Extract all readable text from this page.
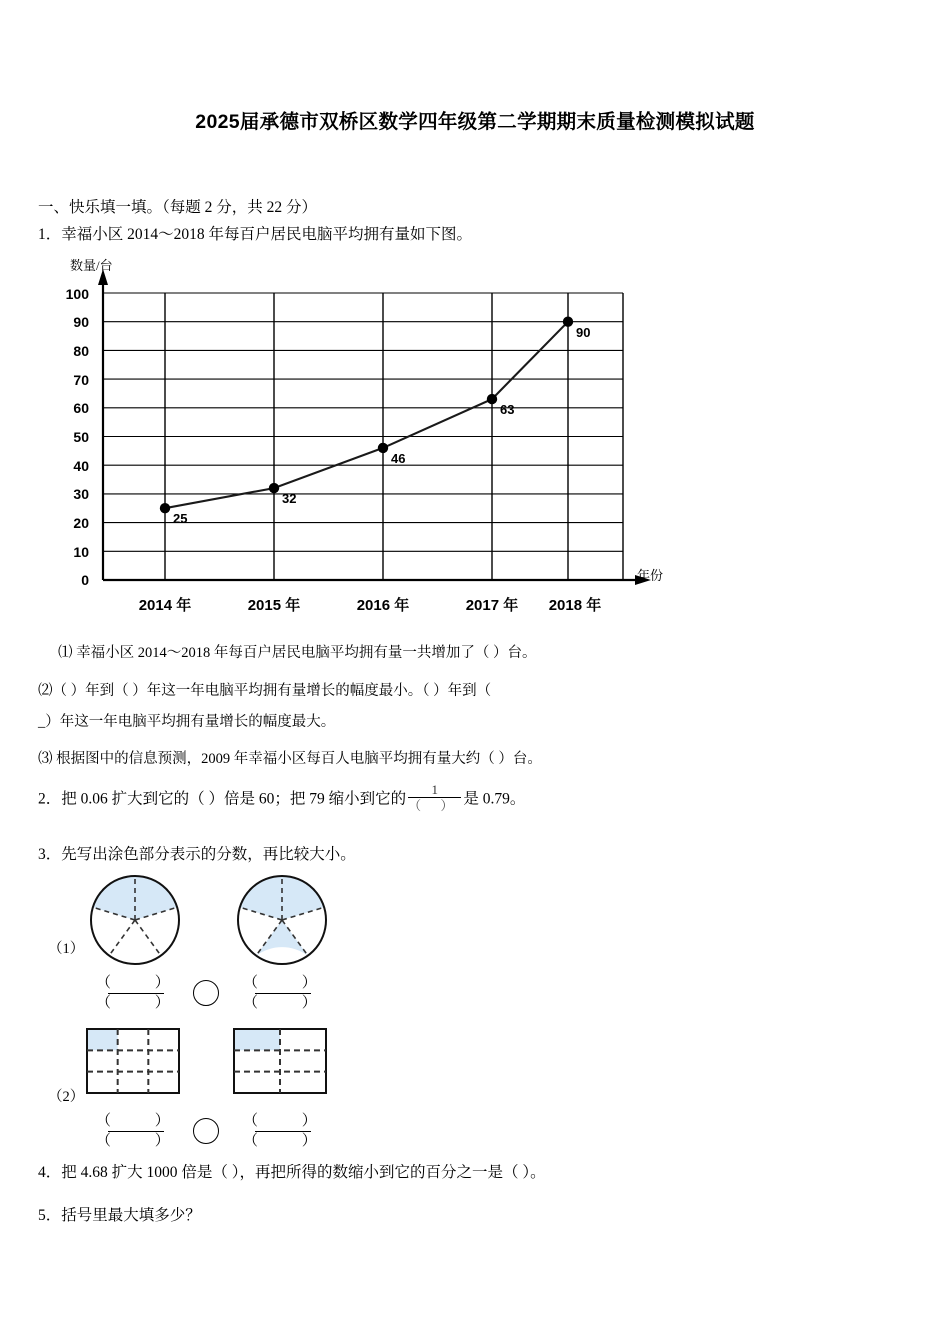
2025届承德市双桥区数学四年级第二学期期末质量检测模拟试题
一、快乐填一填。（每题 2 分，共 22 分）
1．幸福小区 2014～2018 年每百户居民电脑平均拥有量如下图。
数量/台
年份
100
90
80
70
60
50
40
30
20
10
0
25
32
46
63
90
2014 年	2015 年	2016 年	2017 年	2018 年
⑴ 幸福小区 2014～2018 年每百户居民电脑平均拥有量一共增加了（ ）台。
⑵（ ）年到（ ）年这一年电脑平均拥有量增长的幅度最小。（ ）年到（
_）年这一年电脑平均拥有量增长的幅度最大。
⑶ 根据图中的信息预测，2009 年幸福小区每百人电脑平均拥有量大约（ ）台。
2．把 0.06 扩大到它的（ ）倍是 60；把 79 缩小到它的 $\frac{1}{( )}$ 是 0.79。
3．先写出涂色部分表示的分数，再比较大小。
（1）
（ ）
（ ）
（ ）
（ ）
（2）
（ ）
（ ）
（ ）
（ ）
4．把 4.68 扩大 1000 倍是（ ），再把所得的数缩小到它的百分之一是（ ）。
5．括号里最大填多少？
